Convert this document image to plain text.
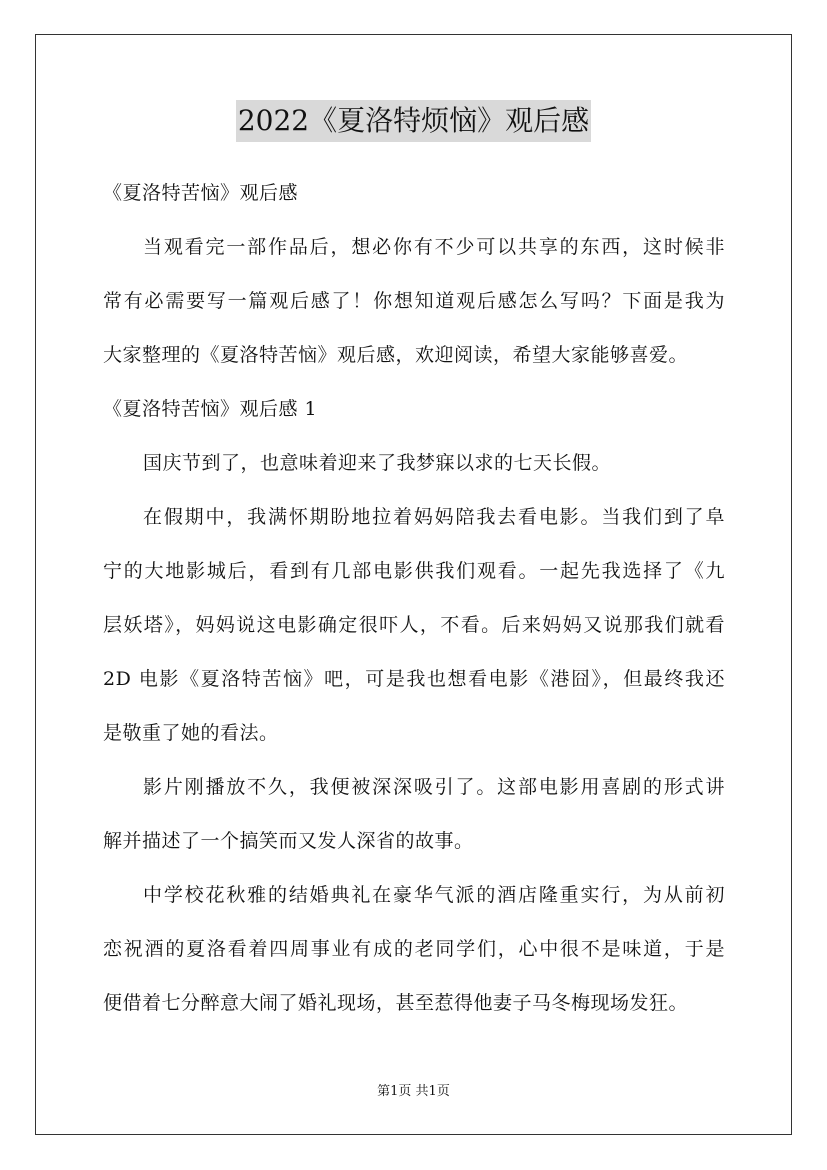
2022《夏洛特烦恼》观后感
《夏洛特苦恼》观后感
当观看完一部作品后，想必你有不少可以共享的东西，这时候非
常有必需要写一篇观后感了！你想知道观后感怎么写吗？下面是我为
大家整理的《夏洛特苦恼》观后感，欢迎阅读，希望大家能够喜爱。
《夏洛特苦恼》观后感 1
国庆节到了，也意味着迎来了我梦寐以求的七天长假。
在假期中，我满怀期盼地拉着妈妈陪我去看电影。当我们到了阜
宁的大地影城后，看到有几部电影供我们观看。一起先我选择了《九
层妖塔》，妈妈说这电影确定很吓人，不看。后来妈妈又说那我们就看
2D 电影《夏洛特苦恼》吧，可是我也想看电影《港囧》，但最终我还
是敬重了她的看法。
影片刚播放不久，我便被深深吸引了。这部电影用喜剧的形式讲
解并描述了一个搞笑而又发人深省的故事。
中学校花秋雅的结婚典礼在豪华气派的酒店隆重实行，为从前初
恋祝酒的夏洛看着四周事业有成的老同学们，心中很不是味道，于是
便借着七分醉意大闹了婚礼现场，甚至惹得他妻子马冬梅现场发狂。
第1页 共1页
